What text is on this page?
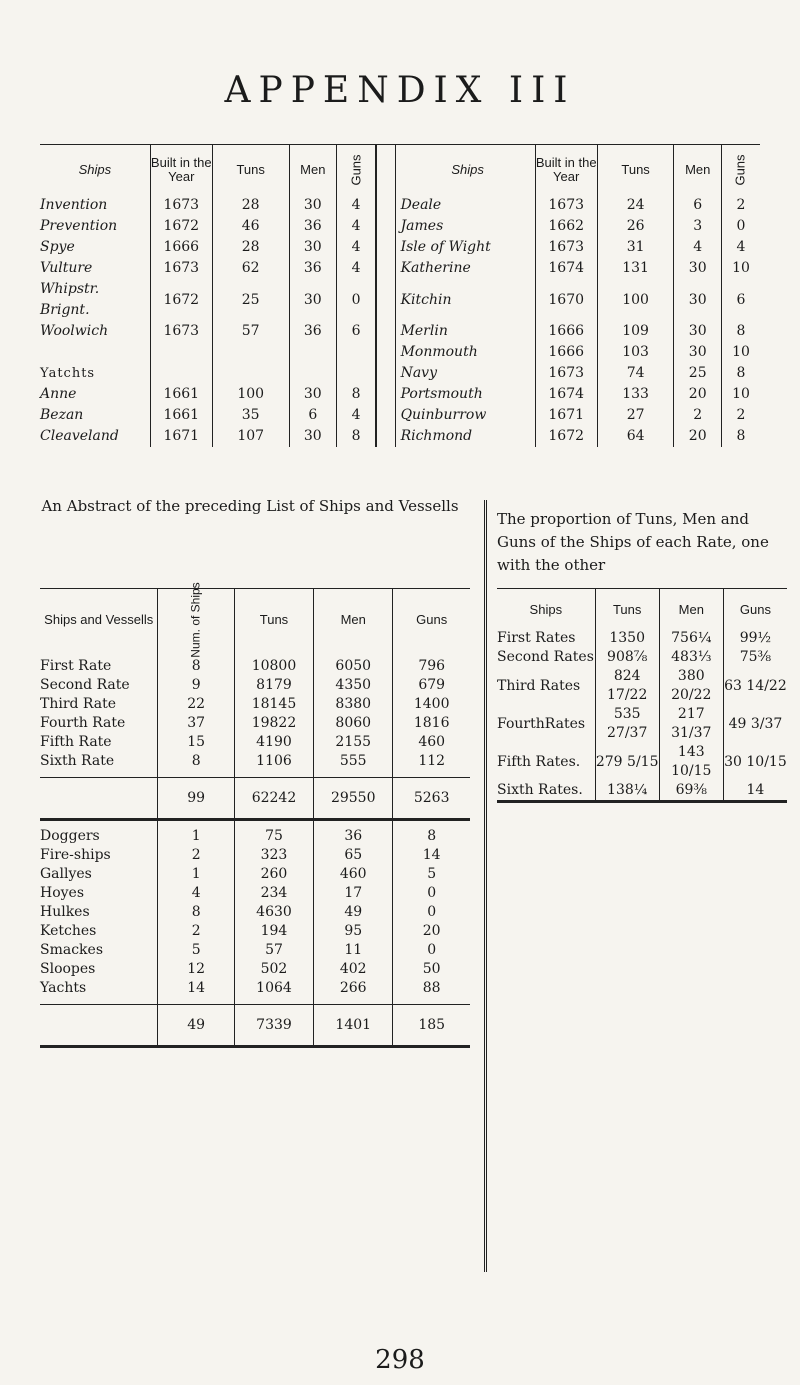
APPENDIX III
Ships	Built in the Year	Tuns	Men	Guns			Ships	Built in the Year	Tuns	Men	Guns
Invention	1673	28	30	4			Deale	1673	24	6	2
Prevention	1672	46	36	4			James	1662	26	3	0
Spye	1666	28	30	4			Isle of Wight	1673	31	4	4
Vulture	1673	62	36	4			Katherine	1674	131	30	10
Whipstr. Brignt.	1672	25	30	0			Kitchin	1670	100	30	6
Woolwich	1673	57	36	6			Merlin	1666	109	30	8
							Monmouth	1666	103	30	10
Yatchts							Navy	1673	74	25	8
Anne	1661	100	30	8			Portsmouth	1674	133	20	10
Bezan	1661	35	6	4			Quinburrow	1671	27	2	2
Cleaveland	1671	107	30	8			Richmond	1672	64	20	8
An Abstract of the preceding List of Ships and Vessells
Ships and Vessells	Num. of Ships	Tuns	Men	Guns

First Rate	8	10800	6050	796
Second Rate	9	8179	4350	679
Third Rate	22	18145	8380	1400
Fourth Rate	37	19822	8060	1816
Fifth Rate	15	4190	2155	460
Sixth Rate	8	1106	555	112

	99	62242	29550	5263

Doggers	1	75	36	8
Fire-ships	2	323	65	14
Gallyes	1	260	460	5
Hoyes	4	234	17	0
Hulkes	8	4630	49	0
Ketches	2	194	95	20
Smackes	5	57	11	0
Sloopes	12	502	402	50
Yachts	14	1064	266	88

	49	7339	1401	185
The proportion of Tuns, Men and Guns of the Ships of each Rate, one with the other
Ships	Tuns	Men	Guns
First Rates	1350	756¼	99½
Second Rates	908⅞	483⅓	75⅜
Third Rates	824 17/22	380 20/22	63 14/22
FourthRates	535 27/37	217 31/37	49 3/37
Fifth Rates.	279 5/15	143 10/15	30 10/15
Sixth Rates.	138¼	69⅜	14
298
